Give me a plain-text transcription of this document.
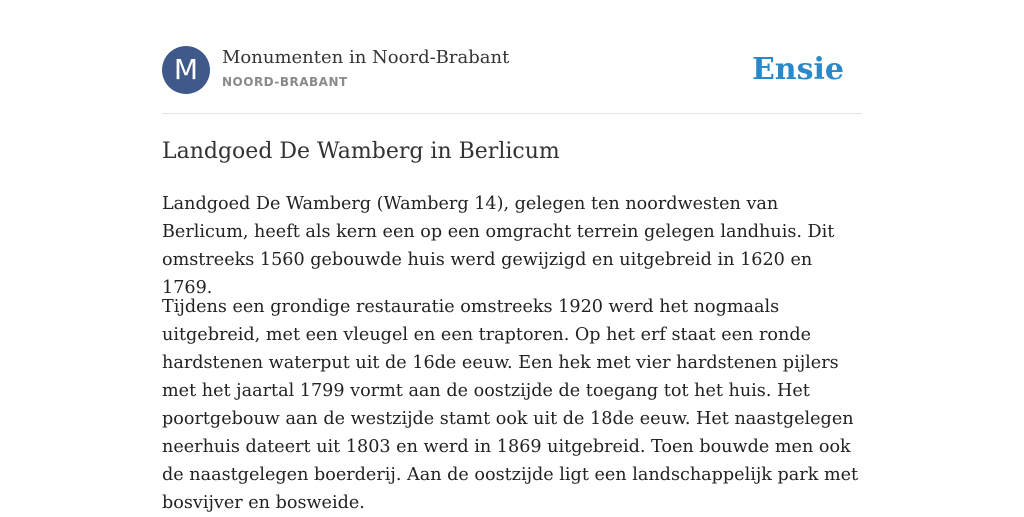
M	Monumenten in Noord-Brabant
NOORD-BRABANT	Ensie
Landgoed De Wamberg in Berlicum

Landgoed De Wamberg (Wamberg 14), gelegen ten noordwesten van Berlicum, heeft als kern een op een omgracht terrein gelegen landhuis. Dit omstreeks 1560 gebouwde huis werd gewijzigd en uitgebreid in 1620 en 1769.

Tijdens een grondige restauratie omstreeks 1920 werd het nogmaals uitgebreid, met een vleugel en een traptoren. Op het erf staat een ronde hardstenen waterput uit de 16de eeuw. Een hek met vier hardstenen pijlers met het jaartal 1799 vormt aan de oostzijde de toegang tot het huis. Het poortgebouw aan de westzijde stamt ook uit de 18de eeuw. Het naastgelegen neerhuis dateert uit 1803 en werd in 1869 uitgebreid. Toen bouwde men ook de naastgelegen boerderij. Aan de oostzijde ligt een landschappelijk park met bosvijver en bosweide.
